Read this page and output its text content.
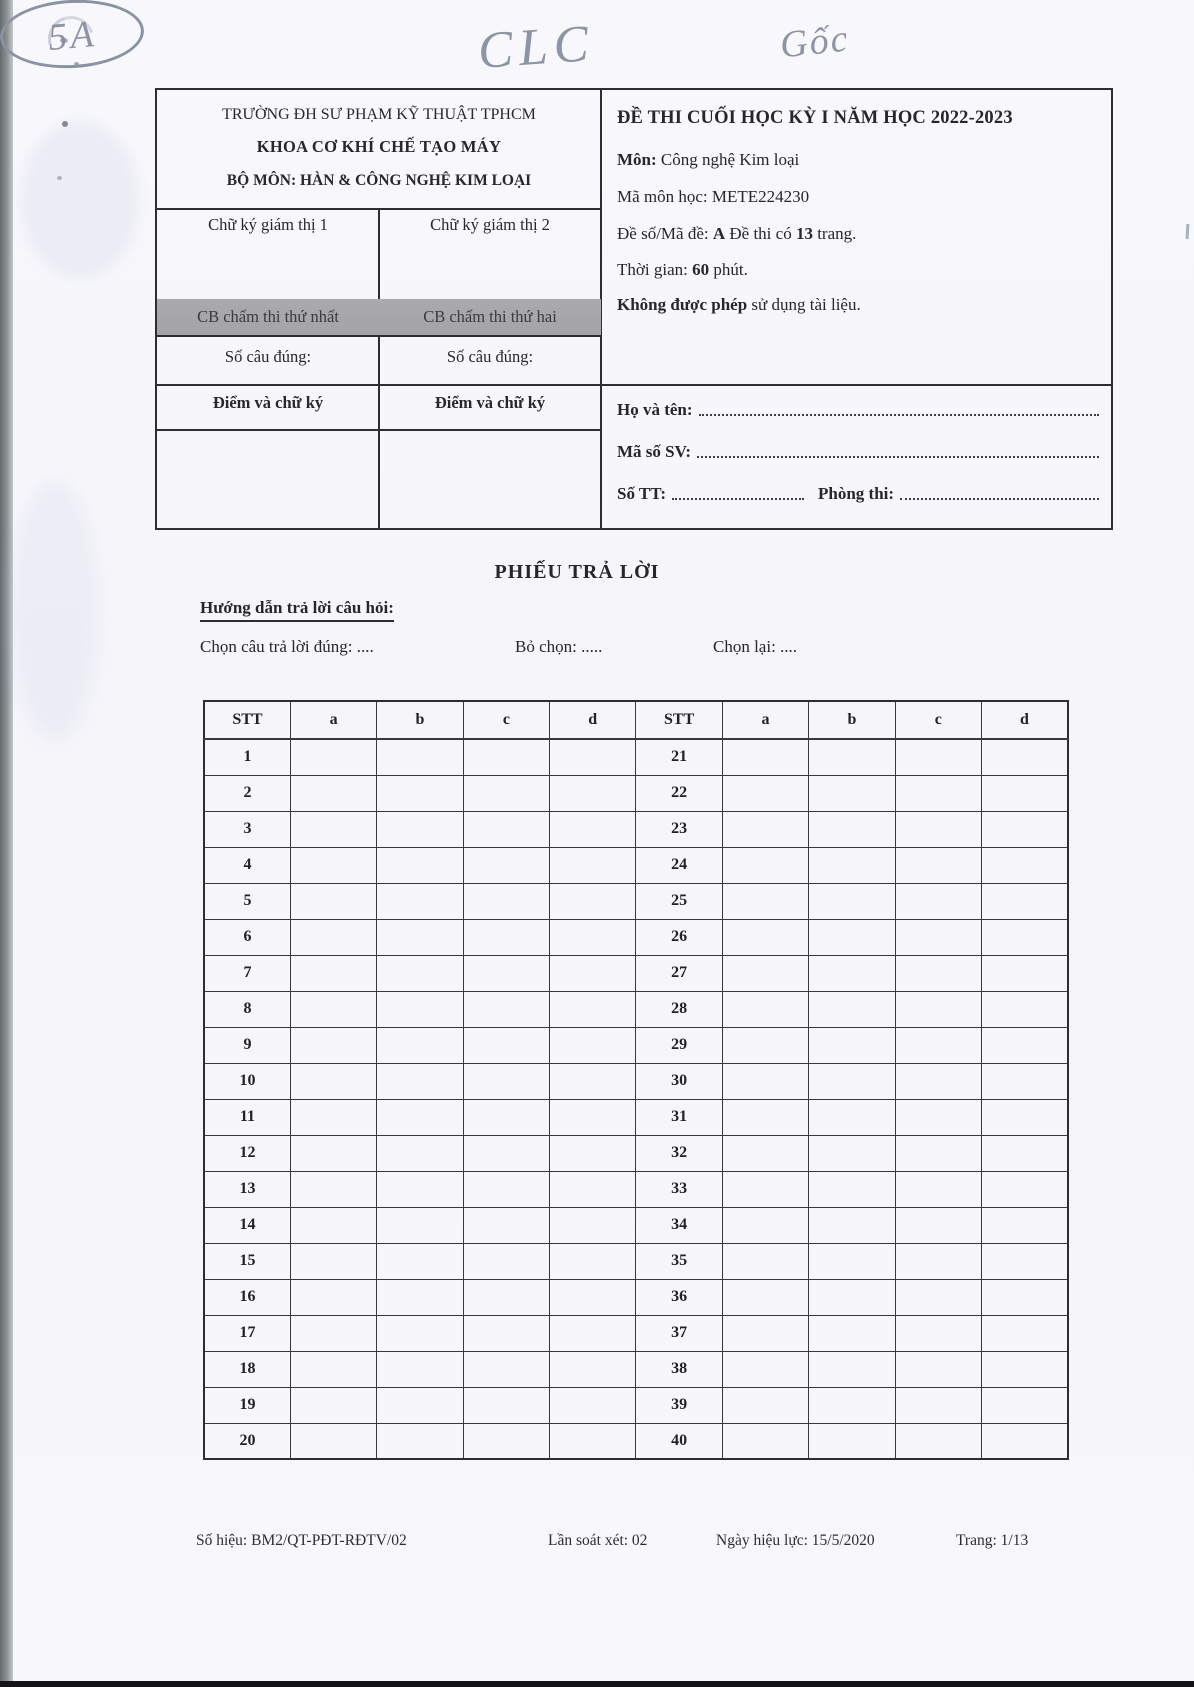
CLC
5A	Gốc
TRƯỜNG ĐH SƯ PHẠM KỸ THUẬT TPHCM
KHOA CƠ KHÍ CHẾ TẠO MÁY
BỘ MÔN: HÀN & CÔNG NGHỆ KIM LOẠI
Chữ ký giám thị 1	Chữ ký giám thị 2
CB chấm thi thứ nhất	CB chấm thi thứ hai
Số câu đúng:	Số câu đúng:
Điểm và chữ ký	Điểm và chữ ký
ĐỀ THI CUỐI HỌC KỲ I NĂM HỌC 2022-2023
Môn: Công nghệ Kim loại
Mã môn học: METE224230
Đề số/Mã đề: A Đề thi có 13 trang.
Thời gian: 60 phút.
Không được phép sử dụng tài liệu.
Họ và tên:
Mã số SV:
Số TT:	Phòng thi:
PHIẾU TRẢ LỜI
Hướng dẫn trả lời câu hỏi:
Chọn câu trả lời đúng: ....	Bỏ chọn: .....	Chọn lại: ....
STT	a	b	c	d	STT	a	b	c	d
1					21				
2					22				
3					23				
4					24				
5					25				
6					26				
7					27				
8					28				
9					29				
10					30				
11					31				
12					32				
13					33				
14					34				
15					35				
16					36				
17					37				
18					38				
19					39				
20					40				
Số hiệu: BM2/QT-PĐT-RĐTV/02	Lần soát xét: 02	Ngày hiệu lực: 15/5/2020	Trang: 1/13
